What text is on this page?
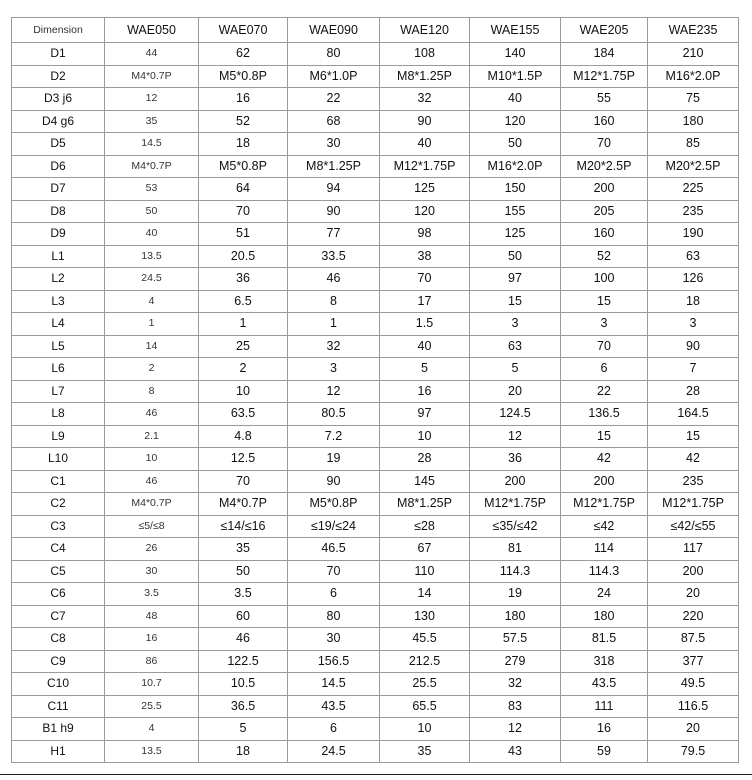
Dimension	WAE050	WAE070	WAE090	WAE120	WAE155	WAE205	WAE235
D1	44	62	80	108	140	184	210
D2	M4*0.7P	M5*0.8P	M6*1.0P	M8*1.25P	M10*1.5P	M12*1.75P	M16*2.0P
D3 j6	12	16	22	32	40	55	75
D4 g6	35	52	68	90	120	160	180
D5	14.5	18	30	40	50	70	85
D6	M4*0.7P	M5*0.8P	M8*1.25P	M12*1.75P	M16*2.0P	M20*2.5P	M20*2.5P
D7	53	64	94	125	150	200	225
D8	50	70	90	120	155	205	235
D9	40	51	77	98	125	160	190
L1	13.5	20.5	33.5	38	50	52	63
L2	24.5	36	46	70	97	100	126
L3	4	6.5	8	17	15	15	18
L4	1	1	1	1.5	3	3	3
L5	14	25	32	40	63	70	90
L6	2	2	3	5	5	6	7
L7	8	10	12	16	20	22	28
L8	46	63.5	80.5	97	124.5	136.5	164.5
L9	2.1	4.8	7.2	10	12	15	15
L10	10	12.5	19	28	36	42	42
C1	46	70	90	145	200	200	235
C2	M4*0.7P	M4*0.7P	M5*0.8P	M8*1.25P	M12*1.75P	M12*1.75P	M12*1.75P
C3	≤5/≤8	≤14/≤16	≤19/≤24	≤28	≤35/≤42	≤42	≤42/≤55
C4	26	35	46.5	67	81	114	117
C5	30	50	70	110	114.3	114.3	200
C6	3.5	3.5	6	14	19	24	20
C7	48	60	80	130	180	180	220
C8	16	46	30	45.5	57.5	81.5	87.5
C9	86	122.5	156.5	212.5	279	318	377
C10	10.7	10.5	14.5	25.5	32	43.5	49.5
C11	25.5	36.5	43.5	65.5	83	111	116.5
B1 h9	4	5	6	10	12	16	20
H1	13.5	18	24.5	35	43	59	79.5
